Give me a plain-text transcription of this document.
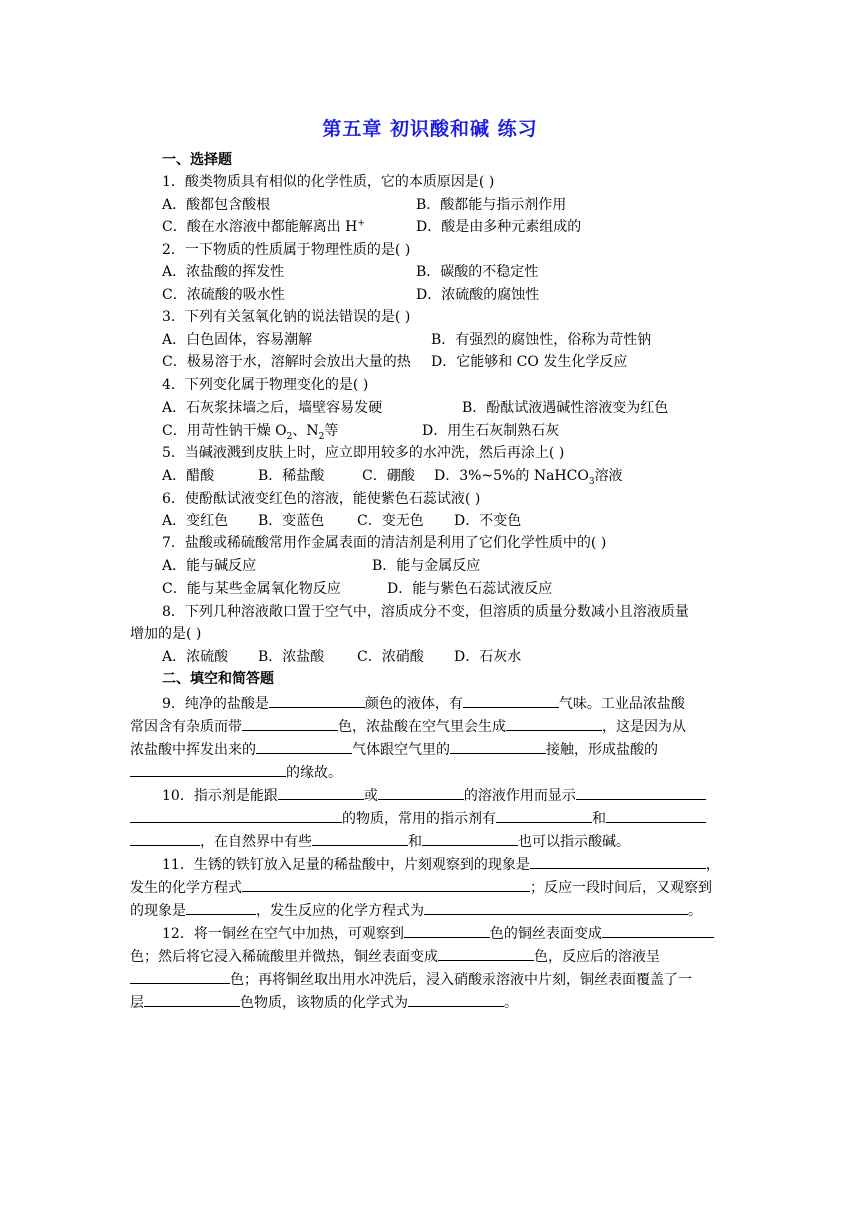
第五章 初识酸和碱 练习
一、选择题
1．酸类物质具有相似的化学性质，它的本质原因是( )
A．酸都包含酸根	B．酸都能与指示剂作用
C．酸在水溶液中都能解离出 H+	D．酸是由多种元素组成的
2．一下物质的性质属于物理性质的是( )
A．浓盐酸的挥发性	B．碳酸的不稳定性
C．浓硫酸的吸水性	D．浓硫酸的腐蚀性
3．下列有关氢氧化钠的说法错误的是( )
A．白色固体，容易潮解	B．有强烈的腐蚀性，俗称为苛性钠
C．极易溶于水，溶解时会放出大量的热 D．它能够和 CO 发生化学反应
4．下列变化属于物理变化的是( )
A．石灰浆抹墙之后，墙壁容易发硬	B．酚酞试液遇碱性溶液变为红色
C．用苛性钠干燥 $O_2$、$N_2$等	D．用生石灰制熟石灰
5．当碱液溅到皮肤上时，应立即用较多的水冲洗，然后再涂上( )
A．醋酸	B．稀盐酸	C．硼酸 D．3%~5%的 NaHCO$_3$溶液
6．使酚酞试液变红色的溶液，能使紫色石蕊试液( )
A．变红色 B．变蓝色 C．变无色 D．不变色
7．盐酸或稀硫酸常用作金属表面的清洁剂是利用了它们化学性质中的( )
A．能与碱反应	B．能与金属反应
C．能与某些金属氧化物反应	D．能与紫色石蕊试液反应
8．下列几种溶液敞口置于空气中，溶质成分不变，但溶质的质量分数减小且溶液质量
增加的是( )
A．浓硫酸 B．浓盐酸 C．浓硝酸 D．石灰水
二、填空和简答题
9．纯净的盐酸是	颜色的液体，有	气味。工业品浓盐酸
常因含有杂质而带	色，浓盐酸在空气里会生成	，这是因为从
浓盐酸中挥发出来的	气体跟空气里的	接触，形成盐酸的
的缘故。
10．指示剂是能跟	或	的溶液作用而显示
的物质，常用的指示剂有	和
，在自然界中有些	和	也可以指示酸碱。
11．生锈的铁钉放入足量的稀盐酸中，片刻观察到的现象是	，
发生的化学方程式	；反应一段时间后，又观察到
的现象是	，发生反应的化学方程式为	。
12．将一铜丝在空气中加热，可观察到	色的铜丝表面变成
色；然后将它浸入稀硫酸里并微热，铜丝表面变成	色，反应后的溶液呈
色；再将铜丝取出用水冲洗后，浸入硝酸汞溶液中片刻，铜丝表面覆盖了一
层	色物质，该物质的化学式为	。
